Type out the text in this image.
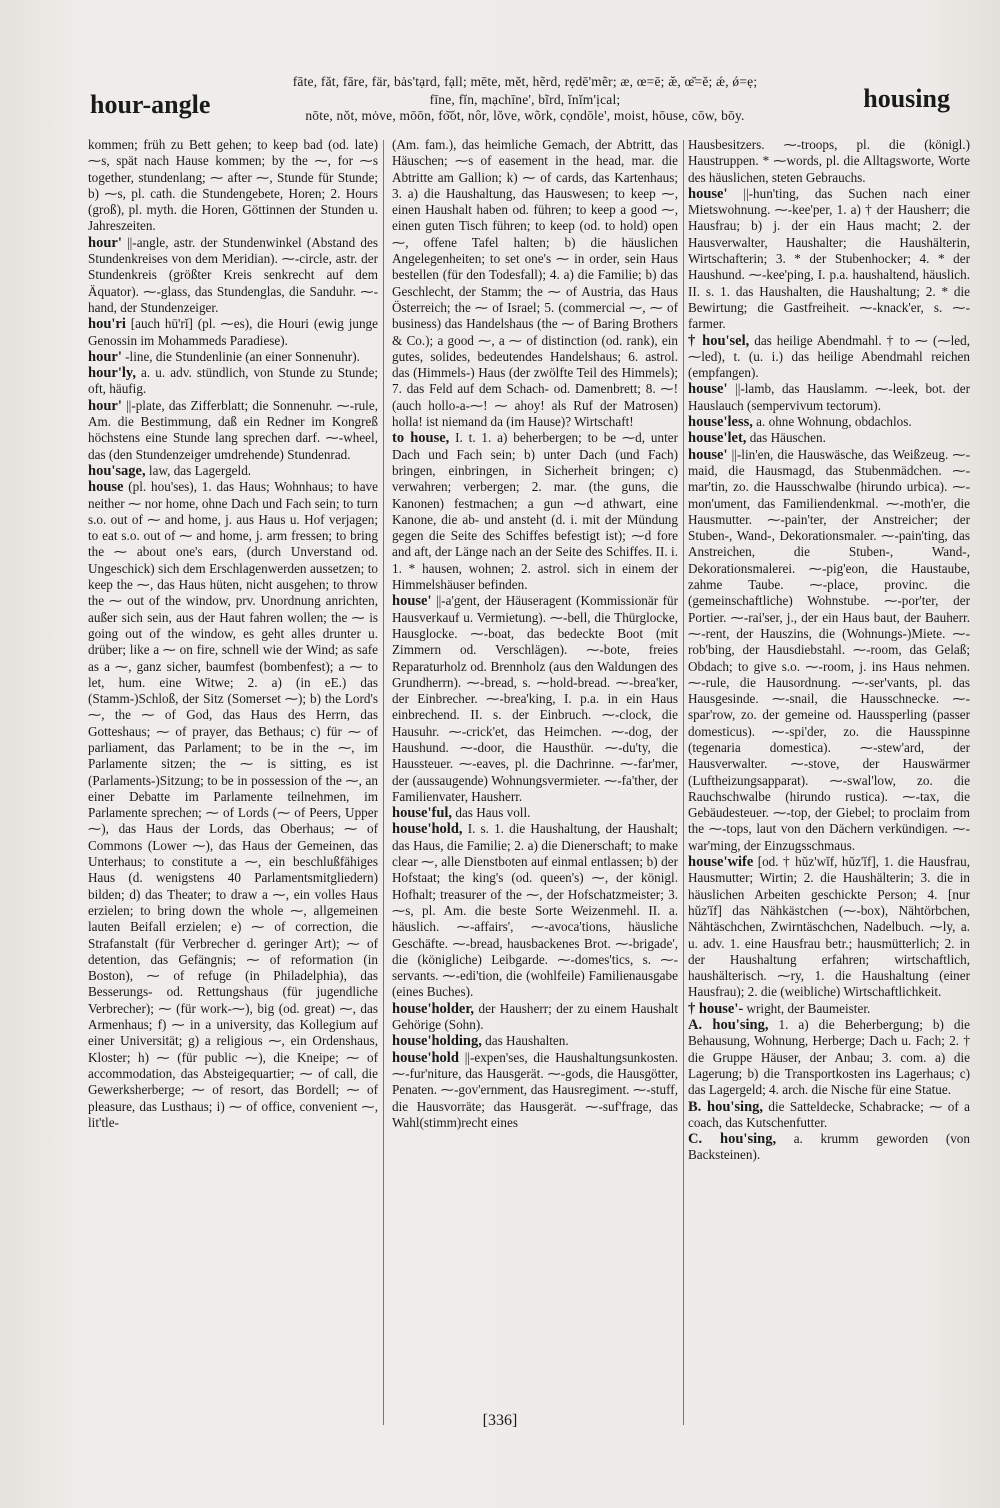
hour-angle
fāte, făt, fāre, fär, bȧs'tạrd, fạll; mēte, mĕt, hẽrd, rẹdē'mẽr; æ, œ=ē; æ̆, œ̆=ĕ; ǽ, ǿ=ẹ;
fīne, fĭn, mạchīne', bĩrd, ĭnĭm'ịcal;
nōte, nŏt, mȯve, mōōn, fo͝ot, nôr, lŏve, wõrk, cọndōle', moist, hōuse, cōw, bōy.
housing

kommen; früh zu Bett gehen; to keep bad (od. late) ⁓s, spät nach Hause kommen; by the ⁓, for ⁓s together, stundenlang; ⁓ after ⁓, Stunde für Stunde; b) ⁓s, pl. cath. die Stundengebete, Horen; 2. Hours (groß), pl. myth. die Horen, Göttinnen der Stunden u. Jahreszeiten.

hour' ||-angle, astr. der Stundenwinkel (Abstand des Stundenkreises von dem Meridian). ⁓-circle, astr. der Stundenkreis (größter Kreis senkrecht auf dem Äquator). ⁓-glass, das Stundenglas, die Sanduhr. ⁓-hand, der Stundenzeiger.

hou'ri [auch hū'rĭ] (pl. ⁓es), die Houri (ewig junge Genossin im Mohammeds Paradiese).

hour' -line, die Stundenlinie (an einer Sonnenuhr).

hour'ly, a. u. adv. stündlich, von Stunde zu Stunde; oft, häufig.

hour' ||-plate, das Zifferblatt; die Sonnenuhr. ⁓-rule, Am. die Bestimmung, daß ein Redner im Kongreß höchstens eine Stunde lang sprechen darf. ⁓-wheel, das (den Stundenzeiger umdrehende) Stundenrad.

hou'sage, law, das Lagergeld.

house (pl. hou'ses), 1. das Haus; Wohnhaus; to have neither ⁓ nor home, ohne Dach und Fach sein; to turn s.o. out of ⁓ and home, j. aus Haus u. Hof verjagen; to eat s.o. out of ⁓ and home, j. arm fressen; to bring the ⁓ about one's ears, (durch Unverstand od. Ungeschick) sich dem Erschlagenwerden aussetzen; to keep the ⁓, das Haus hüten, nicht ausgehen; to throw the ⁓ out of the window, prv. Unordnung anrichten, außer sich sein, aus der Haut fahren wollen; the ⁓ is going out of the window, es geht alles drunter u. drüber; like a ⁓ on fire, schnell wie der Wind; as safe as a ⁓, ganz sicher, baumfest (bombenfest); a ⁓ to let, hum. eine Witwe; 2. a) (in eE.) das (Stamm-)Schloß, der Sitz (Somerset ⁓); b) the Lord's ⁓, the ⁓ of God, das Haus des Herrn, das Gotteshaus; ⁓ of prayer, das Bethaus; c) für ⁓ of parliament, das Parlament; to be in the ⁓, im Parlamente sitzen; the ⁓ is sitting, es ist (Parlaments-)Sitzung; to be in possession of the ⁓, an einer Debatte im Parlamente teilnehmen, im Parlamente sprechen; ⁓ of Lords (⁓ of Peers, Upper ⁓), das Haus der Lords, das Oberhaus; ⁓ of Commons (Lower ⁓), das Haus der Gemeinen, das Unterhaus; to constitute a ⁓, ein beschlußfähiges Haus (d. wenigstens 40 Parlamentsmitgliedern) bilden; d) das Theater; to draw a ⁓, ein volles Haus erzielen; to bring down the whole ⁓, allgemeinen lauten Beifall erzielen; e) ⁓ of correction, die Strafanstalt (für Verbrecher d. geringer Art); ⁓ of detention, das Gefängnis; ⁓ of reformation (in Boston), ⁓ of refuge (in Philadelphia), das Besserungs- od. Rettungshaus (für jugendliche Verbrecher); ⁓ (für work-⁓), big (od. great) ⁓, das Armenhaus; f) ⁓ in a university, das Kollegium auf einer Universität; g) a religious ⁓, ein Ordenshaus, Kloster; h) ⁓ (für public ⁓), die Kneipe; ⁓ of accommodation, das Absteigequartier; ⁓ of call, die Gewerksherberge; ⁓ of resort, das Bordell; ⁓ of pleasure, das Lusthaus; i) ⁓ of office, convenient ⁓, lit'tle-

(Am. fam.), das heimliche Gemach, der Abtritt, das Häuschen; ⁓s of easement in the head, mar. die Abtritte am Gallion; k) ⁓ of cards, das Kartenhaus; 3. a) die Haushaltung, das Hauswesen; to keep ⁓, einen Haushalt haben od. führen; to keep a good ⁓, einen guten Tisch führen; to keep (od. to hold) open ⁓, offene Tafel halten; b) die häuslichen Angelegenheiten; to set one's ⁓ in order, sein Haus bestellen (für den Todesfall); 4. a) die Familie; b) das Geschlecht, der Stamm; the ⁓ of Austria, das Haus Österreich; the ⁓ of Israel; 5. (commercial ⁓, ⁓ of business) das Handelshaus (the ⁓ of Baring Brothers & Co.); a good ⁓, a ⁓ of distinction (od. rank), ein gutes, solides, bedeutendes Handelshaus; 6. astrol. das (Himmels-) Haus (der zwölfte Teil des Himmels); 7. das Feld auf dem Schach- od. Damenbrett; 8. ⁓! (auch hollo-a-⁓! ⁓ ahoy! als Ruf der Matrosen) holla! ist niemand da (im Hause)? Wirtschaft!

to house, I. t. 1. a) beherbergen; to be ⁓d, unter Dach und Fach sein; b) unter Dach (und Fach) bringen, einbringen, in Sicherheit bringen; c) verwahren; verbergen; 2. mar. (the guns, die Kanonen) festmachen; a gun ⁓d athwart, eine Kanone, die ab- und ansteht (d. i. mit der Mündung gegen die Seite des Schiffes befestigt ist); ⁓d fore and aft, der Länge nach an der Seite des Schiffes. II. i. 1. * hausen, wohnen; 2. astrol. sich in einem der Himmelshäuser befinden.

house' ||-a'gent, der Häuseragent (Kommissionär für Hausverkauf u. Vermietung). ⁓-bell, die Thürglocke, Hausglocke. ⁓-boat, das bedeckte Boot (mit Zimmern od. Verschlägen). ⁓-bote, freies Reparaturholz od. Brennholz (aus den Waldungen des Grundherrn). ⁓-bread, s. ⁓hold-bread. ⁓-brea'ker, der Einbrecher. ⁓-brea'king, I. p.a. in ein Haus einbrechend. II. s. der Einbruch. ⁓-clock, die Hausuhr. ⁓-crick'et, das Heimchen. ⁓-dog, der Haushund. ⁓-door, die Hausthür. ⁓-du'ty, die Haussteuer. ⁓-eaves, pl. die Dachrinne. ⁓-far'mer, der (aussaugende) Wohnungsvermieter. ⁓-fa'ther, der Familienvater, Hausherr.

house'ful, das Haus voll.

house'hold, I. s. 1. die Haushaltung, der Haushalt; das Haus, die Familie; 2. a) die Dienerschaft; to make clear ⁓, alle Dienstboten auf einmal entlassen; b) der Hofstaat; the king's (od. queen's) ⁓, der königl. Hofhalt; treasurer of the ⁓, der Hofschatzmeister; 3. ⁓s, pl. Am. die beste Sorte Weizenmehl. II. a. häuslich. ⁓-affairs', ⁓-avoca'tions, häusliche Geschäfte. ⁓-bread, hausbackenes Brot. ⁓-brigade', die (königliche) Leibgarde. ⁓-domes'tics, s. ⁓-servants. ⁓-edi'tion, die (wohlfeile) Familienausgabe (eines Buches).

house'holder, der Hausherr; der zu einem Haushalt Gehörige (Sohn).

house'holding, das Haushalten.

house'hold ||-expen'ses, die Haushaltungsunkosten. ⁓-fur'niture, das Hausgerät. ⁓-gods, die Hausgötter, Penaten. ⁓-gov'ernment, das Hausregiment. ⁓-stuff, die Hausvorräte; das Hausgerät. ⁓-suf'frage, das Wahl(stimm)recht eines

Hausbesitzers. ⁓-troops, pl. die (königl.) Haustruppen. * ⁓words, pl. die Alltagsworte, Worte des häuslichen, steten Gebrauchs.

house' ||-hun'ting, das Suchen nach einer Mietswohnung. ⁓-kee'per, 1. a) † der Hausherr; die Hausfrau; b) j. der ein Haus macht; 2. der Hausverwalter, Haushalter; die Haushälterin, Wirtschafterin; 3. * der Stubenhocker; 4. * der Haushund. ⁓-kee'ping, I. p.a. haushaltend, häuslich. II. s. 1. das Haushalten, die Haushaltung; 2. * die Bewirtung; die Gastfreiheit. ⁓-knack'er, s. ⁓-farmer.

† hou'sel, das heilige Abendmahl. † to ⁓ (⁓led, ⁓led), t. (u. i.) das heilige Abendmahl reichen (empfangen).

house' ||-lamb, das Hauslamm. ⁓-leek, bot. der Hauslauch (sempervivum tectorum).

house'less, a. ohne Wohnung, obdachlos.

house'let, das Häuschen.

house' ||-lin'en, die Hauswäsche, das Weißzeug. ⁓-maid, die Hausmagd, das Stubenmädchen. ⁓-mar'tin, zo. die Hausschwalbe (hirundo urbica). ⁓-mon'ument, das Familiendenkmal. ⁓-moth'er, die Hausmutter. ⁓-pain'ter, der Anstreicher; der Stuben-, Wand-, Dekorationsmaler. ⁓-pain'ting, das Anstreichen, die Stuben-, Wand-, Dekorationsmalerei. ⁓-pig'eon, die Haustaube, zahme Taube. ⁓-place, provinc. die (gemeinschaftliche) Wohnstube. ⁓-por'ter, der Portier. ⁓-rai'ser, j., der ein Haus baut, der Bauherr. ⁓-rent, der Hauszins, die (Wohnungs-)Miete. ⁓-rob'bing, der Hausdiebstahl. ⁓-room, das Gelaß; Obdach; to give s.o. ⁓-room, j. ins Haus nehmen. ⁓-rule, die Hausordnung. ⁓-ser'vants, pl. das Hausgesinde. ⁓-snail, die Hausschnecke. ⁓-spar'row, zo. der gemeine od. Haussperling (passer domesticus). ⁓-spi'der, zo. die Hausspinne (tegenaria domestica). ⁓-stew'ard, der Hausverwalter. ⁓-stove, der Hauswärmer (Luftheizungsapparat). ⁓-swal'low, zo. die Rauchschwalbe (hirundo rustica). ⁓-tax, die Gebäudesteuer. ⁓-top, der Giebel; to proclaim from the ⁓-tops, laut von den Dächern verkündigen. ⁓-war'ming, der Einzugsschmaus.

house'wife [od. † hŭz'wĭf, hŭz'ĭf], 1. die Hausfrau, Hausmutter; Wirtin; 2. die Haushälterin; 3. die in häuslichen Arbeiten geschickte Person; 4. [nur hŭz'ĭf] das Nähkästchen (⁓-box), Nähtörbchen, Nähtäschchen, Zwirntäschchen, Nadelbuch. ⁓ly, a. u. adv. 1. eine Hausfrau betr.; hausmütterlich; 2. in der Haushaltung erfahren; wirtschaftlich, haushälterisch. ⁓ry, 1. die Haushaltung (einer Hausfrau); 2. die (weibliche) Wirtschaftlichkeit.

† house'- wright, der Baumeister.

A. hou'sing, 1. a) die Beherbergung; b) die Behausung, Wohnung, Herberge; Dach u. Fach; 2. † die Gruppe Häuser, der Anbau; 3. com. a) die Lagerung; b) die Transportkosten ins Lagerhaus; c) das Lagergeld; 4. arch. die Nische für eine Statue.

B. hou'sing, die Satteldecke, Schabracke; ⁓ of a coach, das Kutschenfutter.

C. hou'sing, a. krumm geworden (von Backsteinen).

[336]
